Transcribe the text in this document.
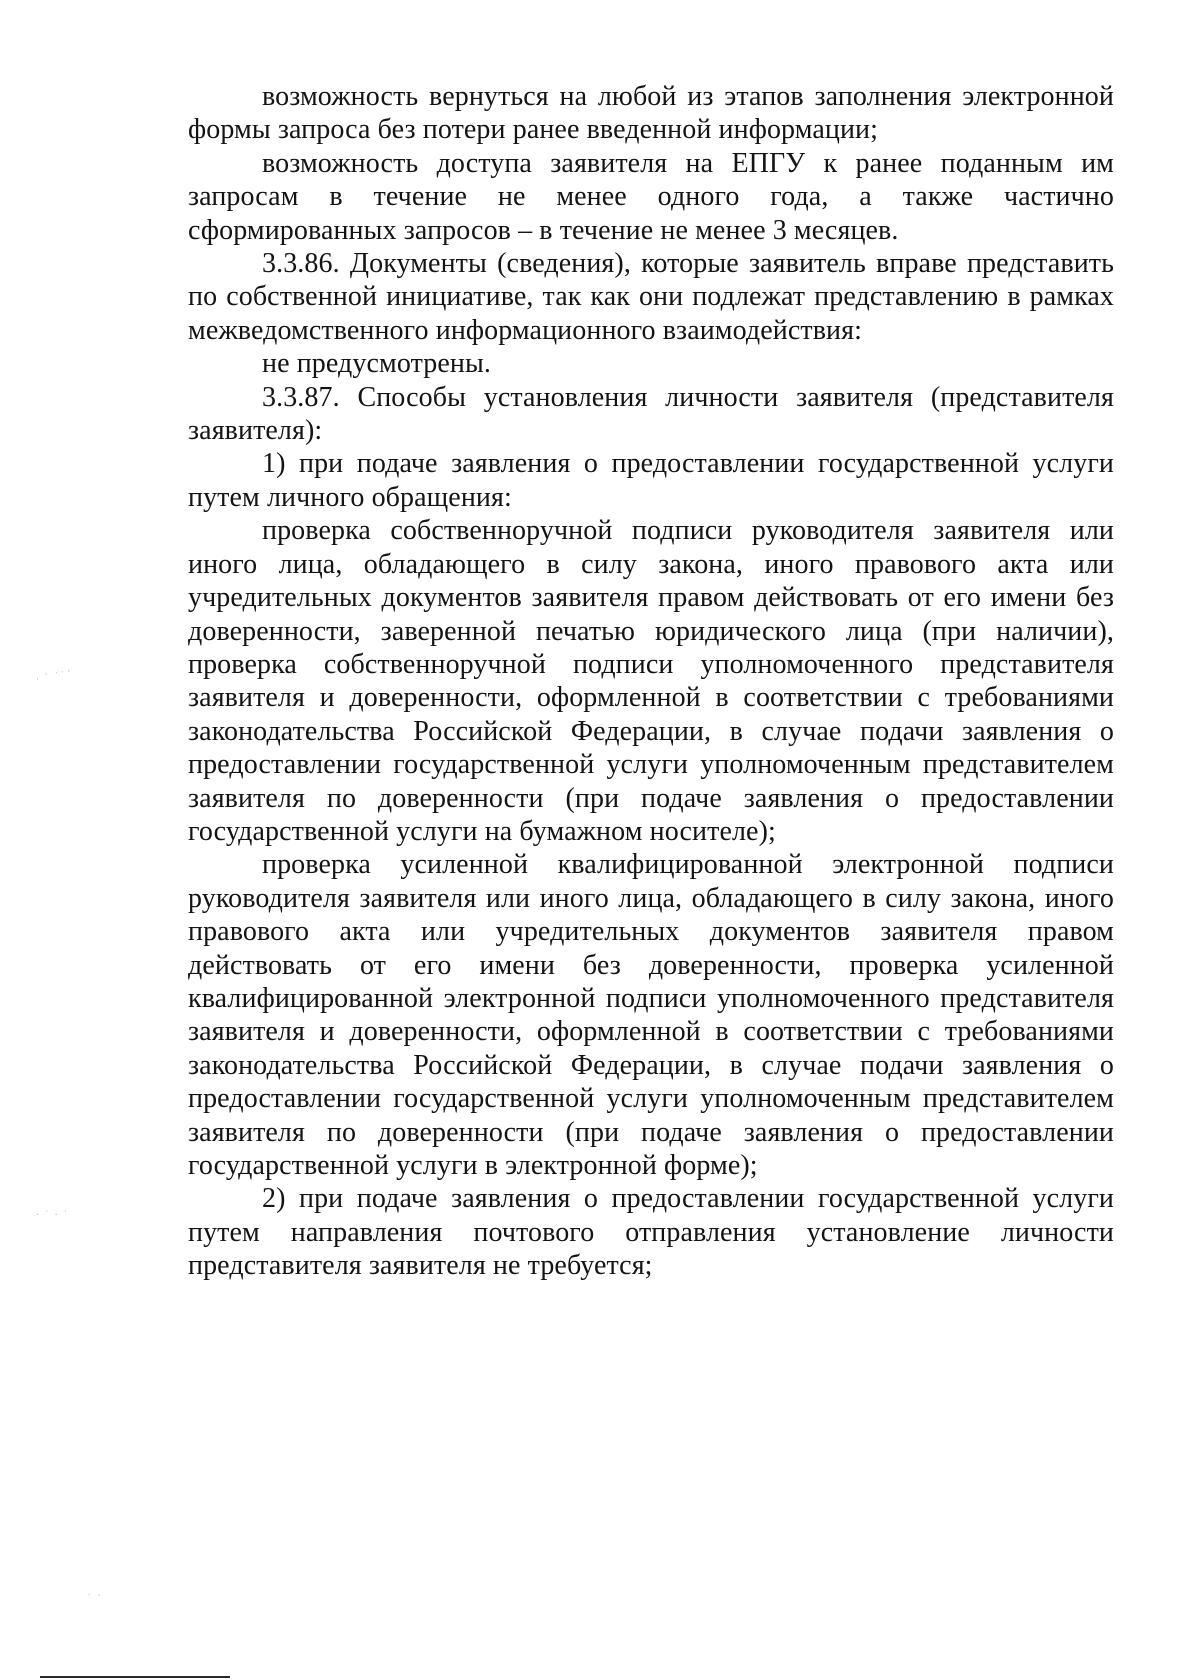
возможность вернуться на любой из этапов заполнения электронной формы запроса без потери ранее введенной информации;

возможность доступа заявителя на ЕПГУ к ранее поданным им запросам в течение не менее одного года, а также частично сформированных запросов – в течение не менее 3 месяцев.

3.3.86. Документы (сведения), которые заявитель вправе представить по собственной инициативе, так как они подлежат представлению в рамках межведомственного информационного взаимодействия:

не предусмотрены.

3.3.87. Способы установления личности заявителя (представителя заявителя):

1) при подаче заявления о предоставлении государственной услуги путем личного обращения:

проверка собственноручной подписи руководителя заявителя или иного лица, обладающего в силу закона, иного правового акта или учредительных документов заявителя правом действовать от его имени без доверенности, заверенной печатью юридического лица (при наличии), проверка собственноручной подписи уполномоченного представителя заявителя и доверенности, оформленной в соответствии с требованиями законодательства Российской Федерации, в случае подачи заявления о предоставлении государственной услуги уполномоченным представителем заявителя по доверенности (при подаче заявления о предоставлении государственной услуги на бумажном носителе);

проверка усиленной квалифицированной электронной подписи руководителя заявителя или иного лица, обладающего в силу закона, иного правового акта или учредительных документов заявителя правом действовать от его имени без доверенности, проверка усиленной квалифицированной электронной подписи уполномоченного представителя заявителя и доверенности, оформленной в соответствии с требованиями законодательства Российской Федерации, в случае подачи заявления о предоставлении государственной услуги уполномоченным представителем заявителя по доверенности (при подаче заявления о предоставлении государственной услуги в электронной форме);

2) при подаче заявления о предоставлении государственной услуги путем направления почтового отправления установление личности представителя заявителя не требуется;

· ˙ ˙˙´
· ˙ · ˙
˙ ·
